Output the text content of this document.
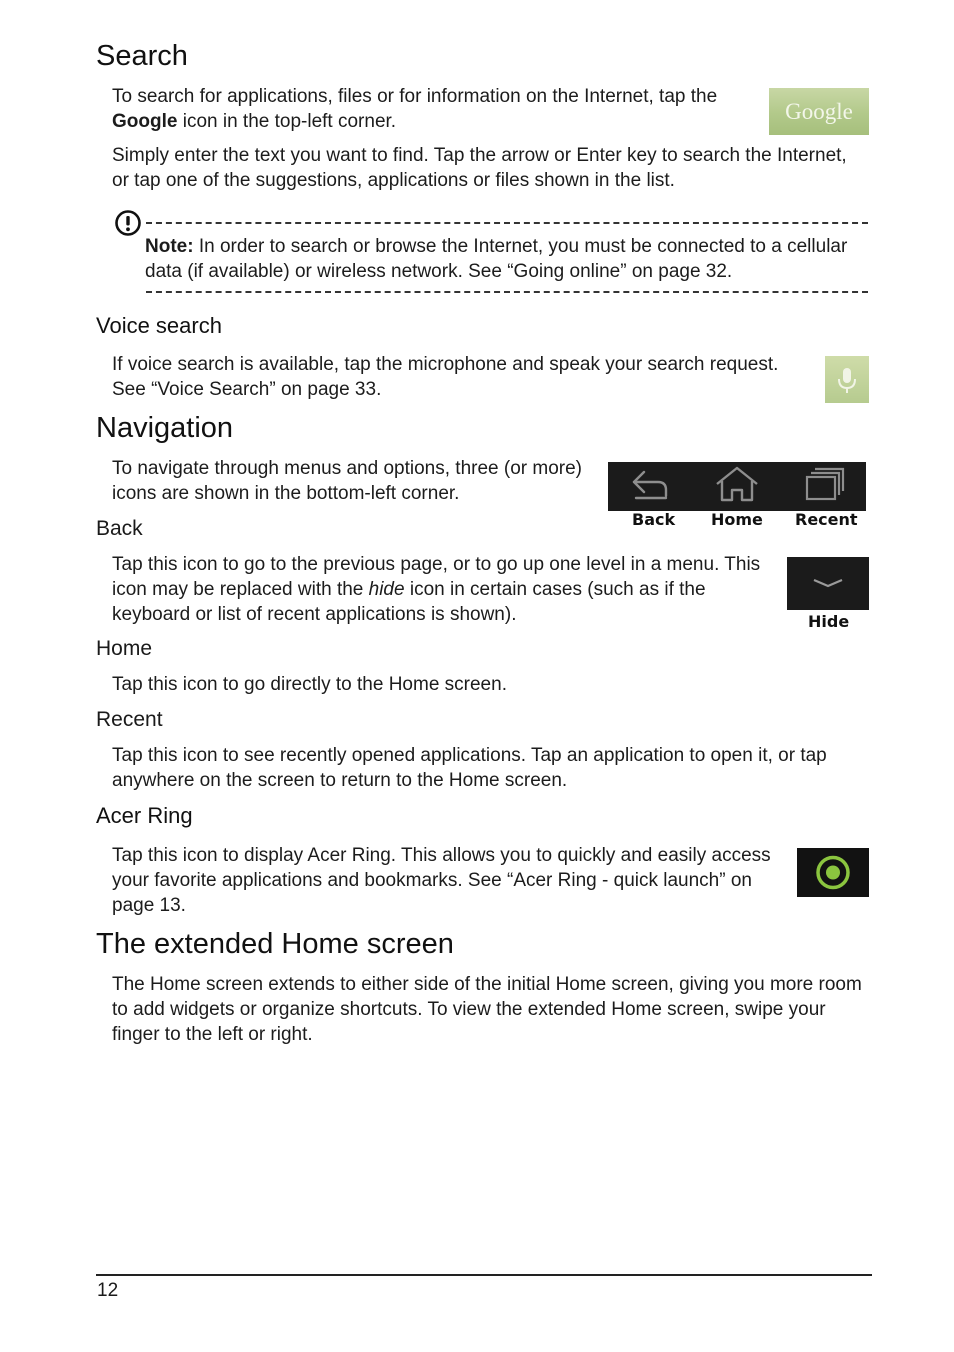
Search

To search for applications, files or for information on the Internet, tap the Google icon in the top-left corner.	Google

Simply enter the text you want to find. Tap the arrow or Enter key to search the Internet, or tap one of the suggestions, applications or files shown in the list.

Note: In order to search or browse the Internet, you must be connected to a cellular data (if available) or wireless network. See “Going online” on page 32.

Voice search

If voice search is available, tap the microphone and speak your search request. See “Voice Search” on page 33.

Navigation

To navigate through menus and options, three (or more) icons are shown in the bottom-left corner.

Back Home Recent
Back

Tap this icon to go to the previous page, or to go up one level in a menu. This icon may be replaced with the hide icon in certain cases (such as if the keyboard or list of recent applications is shown).	Hide
Home

Tap this icon to go directly to the Home screen.

Recent

Tap this icon to see recently opened applications. Tap an application to open it, or tap anywhere on the screen to return to the Home screen.

Acer Ring

Tap this icon to display Acer Ring. This allows you to quickly and easily access your favorite applications and bookmarks. See “Acer Ring - quick launch” on page 13.

The extended Home screen

The Home screen extends to either side of the initial Home screen, giving you more room to add widgets or organize shortcuts. To view the extended Home screen, swipe your finger to the left or right.

12
